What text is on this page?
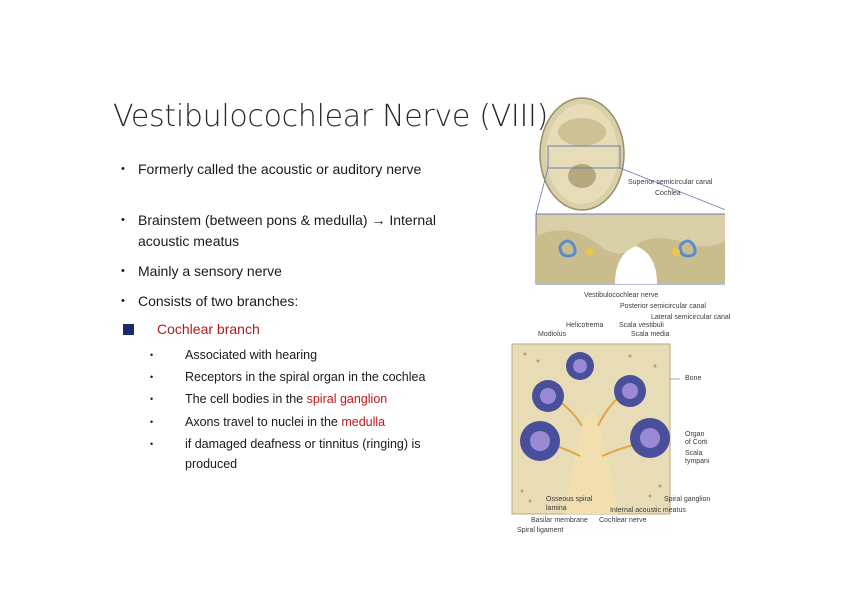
Vestibulocochlear Nerve (VIII)
• Formerly called the acoustic or auditory nerve
• Brainstem (between pons & medulla) → Internal acoustic meatus
• Mainly a sensory nerve
• Consists of two branches:
Cochlear branch
•	Associated with hearing
•	Receptors in the spiral organ in the cochlea
•	The cell bodies in the spiral ganglion
•	Axons travel to nuclei in the medulla
•	if damaged deafness or tinnitus (ringing) is produced
Superior semicircular canal
Cochlea
Vestibulocochlear nerve
Posterior semicircular canal
Lateral semicircular canal
Helicotrema Scala vestibuli
Modiolus	Scala media
Bone
Organ
of Corti
Scala
tympani
Osseous spiral
lamina
Spiral ganglion
Internal acoustic meatus
Basilar membrane Cochlear nerve
Spiral ligament
